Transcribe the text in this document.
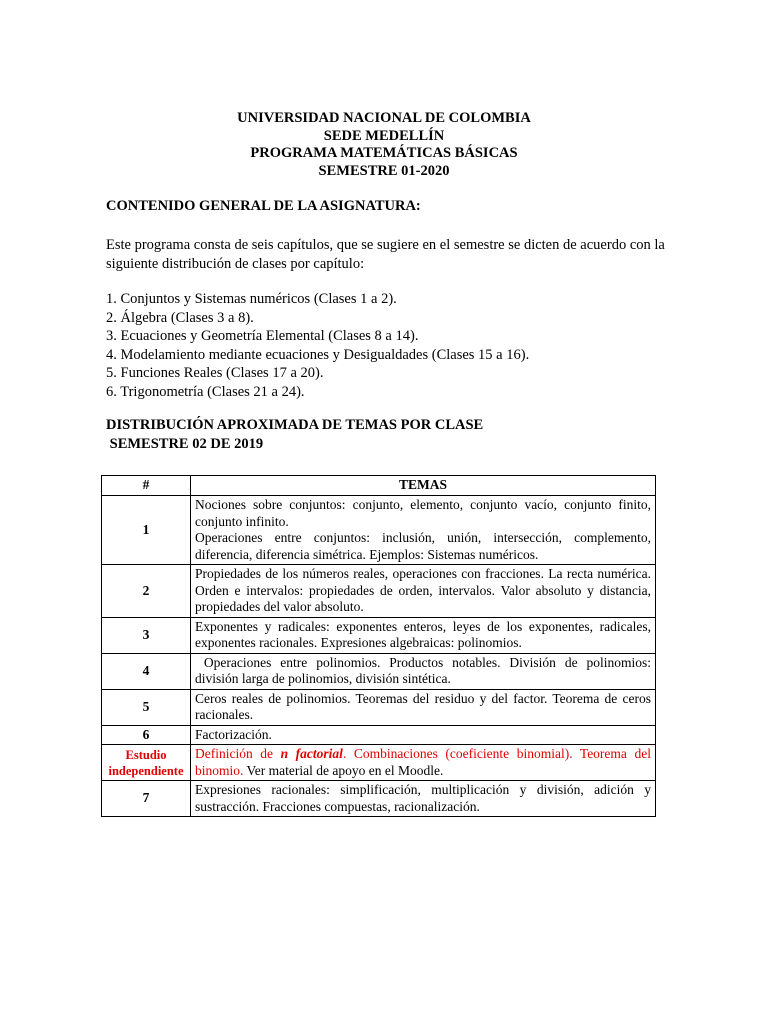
UNIVERSIDAD NACIONAL DE COLOMBIA
SEDE MEDELLÍN
PROGRAMA MATEMÁTICAS BÁSICAS
SEMESTRE 01-2020
CONTENIDO GENERAL DE LA ASIGNATURA:
Este programa consta de seis capítulos, que se sugiere en el semestre se dicten de acuerdo con la siguiente distribución de clases por capítulo:
1. Conjuntos y Sistemas numéricos (Clases 1 a 2).
2. Álgebra (Clases 3 a 8).
3. Ecuaciones y Geometría Elemental (Clases 8 a 14).
4. Modelamiento mediante ecuaciones y Desigualdades (Clases 15 a 16).
5. Funciones Reales (Clases 17 a 20).
6. Trigonometría (Clases 21 a 24).
DISTRIBUCIÓN APROXIMADA DE TEMAS POR CLASE
SEMESTRE 02 DE 2019
#	TEMAS
1	Nociones sobre conjuntos: conjunto, elemento, conjunto vacío, conjunto finito, conjunto infinito.
Operaciones entre conjuntos: inclusión, unión, intersección, complemento, diferencia, diferencia simétrica. Ejemplos: Sistemas numéricos.

2	Propiedades de los números reales, operaciones con fracciones. La recta numérica. Orden e intervalos: propiedades de orden, intervalos. Valor absoluto y distancia, propiedades del valor absoluto.
3	Exponentes y radicales: exponentes enteros, leyes de los exponentes, radicales, exponentes racionales. Expresiones algebraicas: polinomios.
4	Operaciones entre polinomios. Productos notables. División de polinomios: división larga de polinomios, división sintética.
5	Ceros reales de polinomios. Teoremas del residuo y del factor. Teorema de ceros racionales.
6	Factorización.
Estudio independiente	Definición de n factorial. Combinaciones (coeficiente binomial). Teorema del binomio. Ver material de apoyo en el Moodle.
7	Expresiones racionales: simplificación, multiplicación y división, adición y sustracción. Fracciones compuestas, racionalización.
